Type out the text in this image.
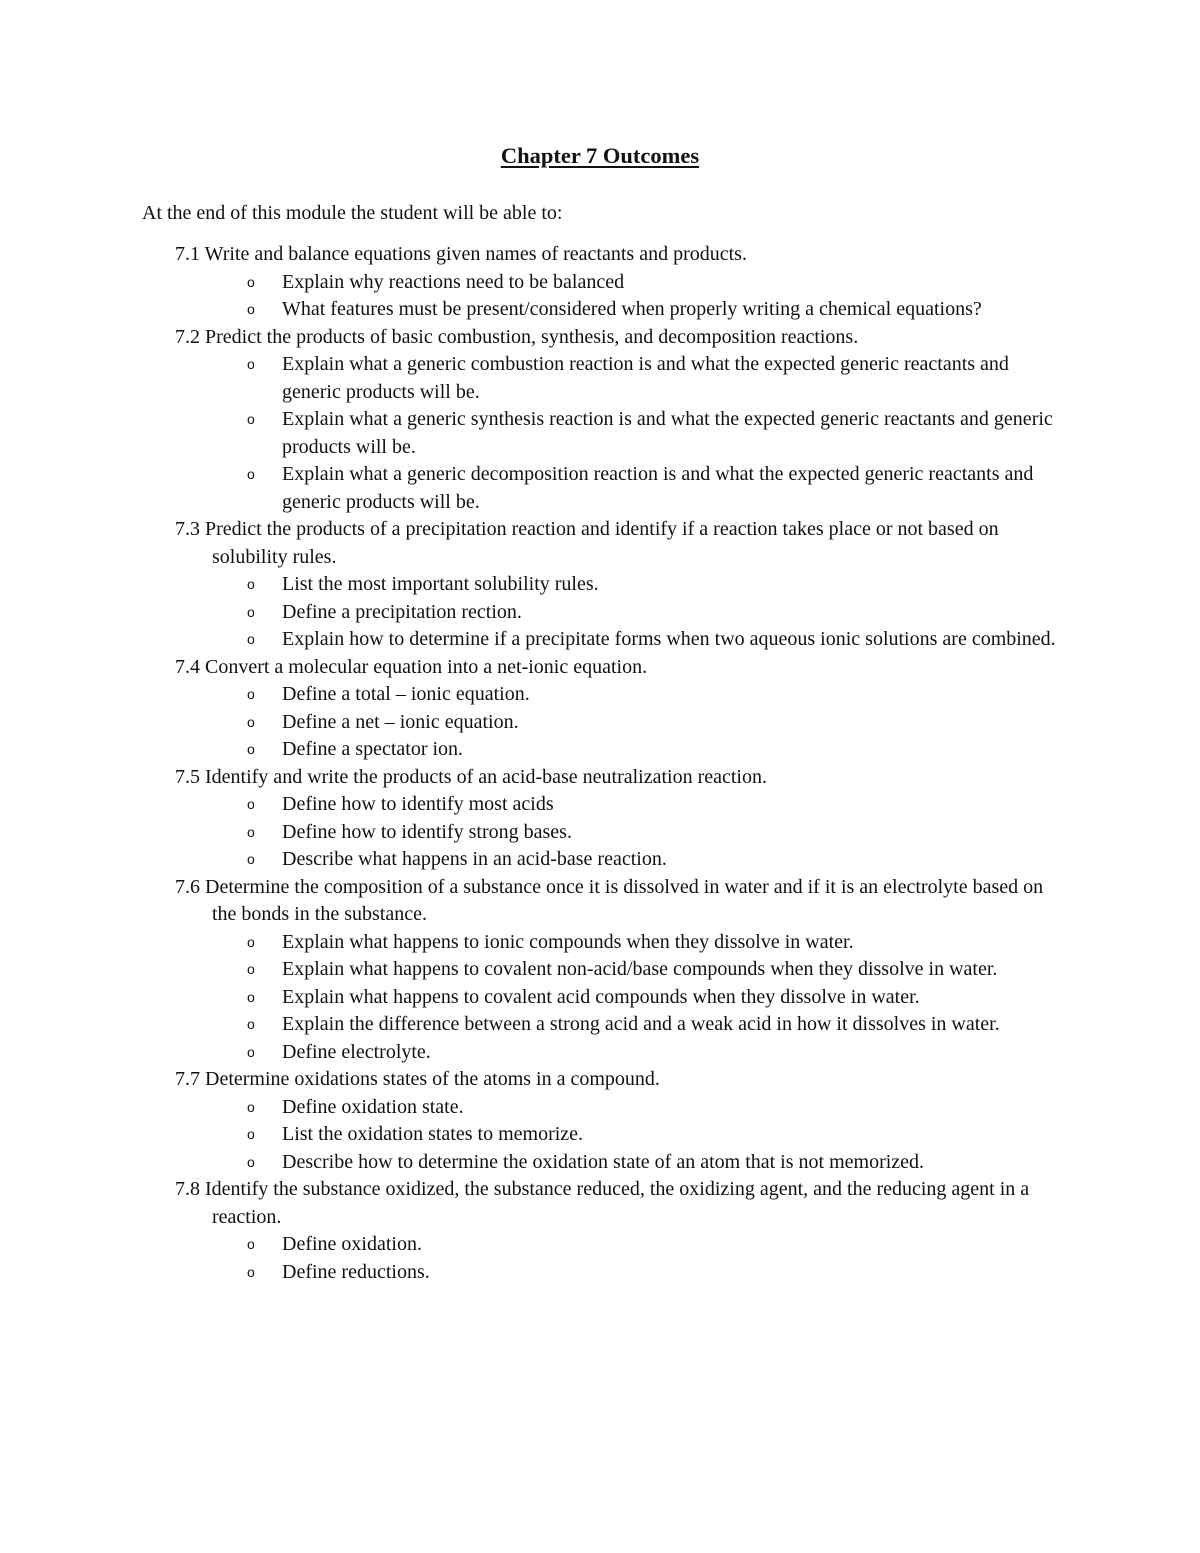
Chapter 7 Outcomes

At the end of this module the student will be able to:

7.1 Write and balance equations given names of reactants and products.
o Explain why reactions need to be balanced
o What features must be present/considered when properly writing a chemical equations?
7.2 Predict the products of basic combustion, synthesis, and decomposition reactions.
o Explain what a generic combustion reaction is and what the expected generic reactants and generic products will be.
o Explain what a generic synthesis reaction is and what the expected generic reactants and generic products will be.
o Explain what a generic decomposition reaction is and what the expected generic reactants and generic products will be.
7.3 Predict the products of a precipitation reaction and identify if a reaction takes place or not based on solubility rules.
o List the most important solubility rules.
o Define a precipitation rection.
o Explain how to determine if a precipitate forms when two aqueous ionic solutions are combined.
7.4 Convert a molecular equation into a net-ionic equation.
o Define a total – ionic equation.
o Define a net – ionic equation.
o Define a spectator ion.
7.5 Identify and write the products of an acid-base neutralization reaction.
o Define how to identify most acids
o Define how to identify strong bases.
o Describe what happens in an acid-base reaction.
7.6 Determine the composition of a substance once it is dissolved in water and if it is an electrolyte based on the bonds in the substance.
o Explain what happens to ionic compounds when they dissolve in water.
o Explain what happens to covalent non-acid/base compounds when they dissolve in water.
o Explain what happens to covalent acid compounds when they dissolve in water.
o Explain the difference between a strong acid and a weak acid in how it dissolves in water.
o Define electrolyte.
7.7 Determine oxidations states of the atoms in a compound.
o Define oxidation state.
o List the oxidation states to memorize.
o Describe how to determine the oxidation state of an atom that is not memorized.
7.8 Identify the substance oxidized, the substance reduced, the oxidizing agent, and the reducing agent in a reaction.
o Define oxidation.
o Define reductions.
